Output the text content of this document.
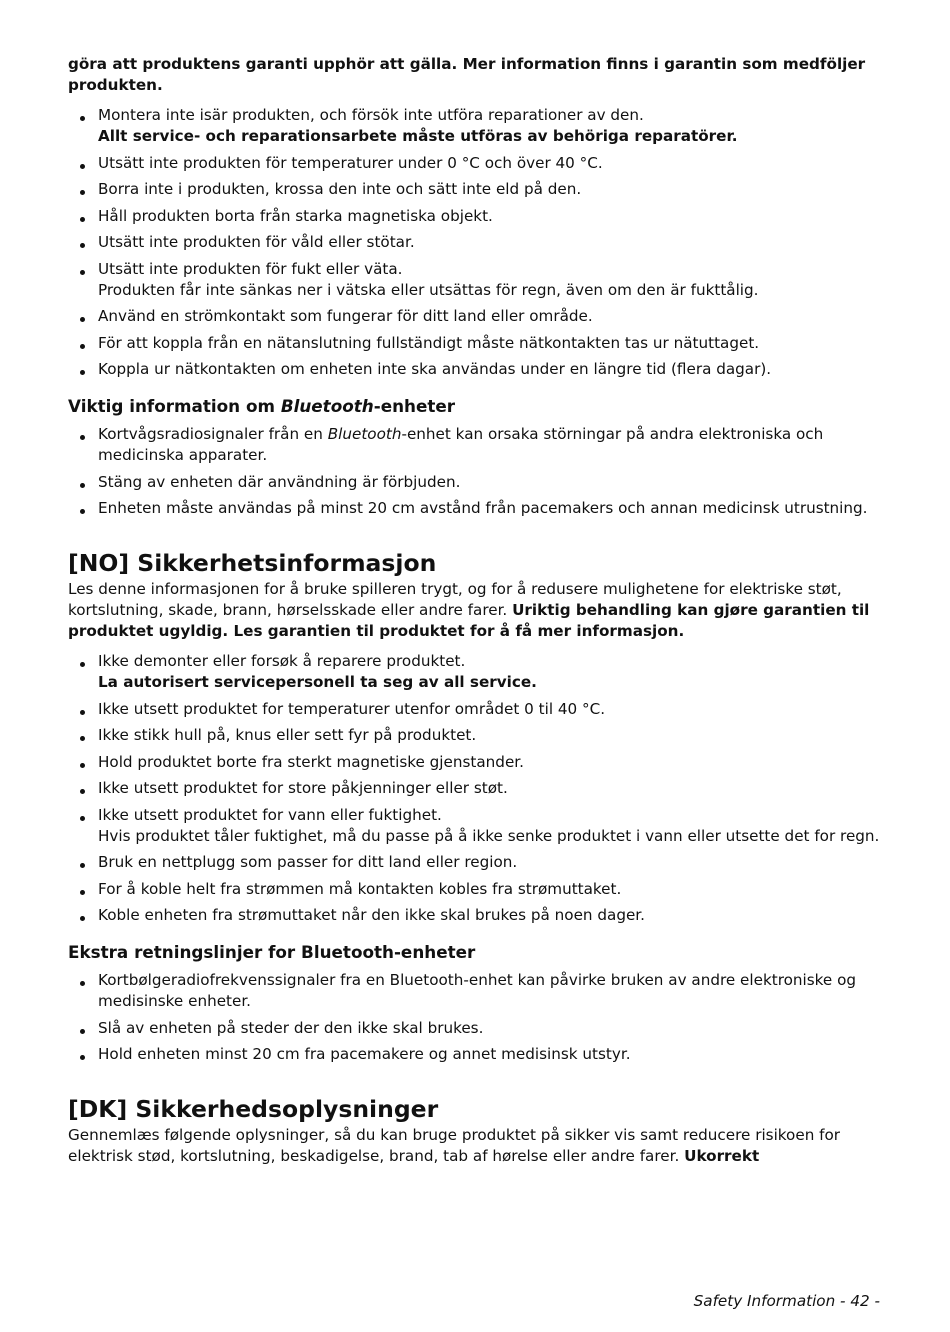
göra att produktens garanti upphör att gälla. Mer information finns i garantin som medföljer produkten.

Montera inte isär produkten, och försök inte utföra reparationer av den.
Allt service- och reparationsarbete måste utföras av behöriga reparatörer.
Utsätt inte produkten för temperaturer under 0 °C och över 40 °C.
Borra inte i produkten, krossa den inte och sätt inte eld på den.
Håll produkten borta från starka magnetiska objekt.
Utsätt inte produkten för våld eller stötar.
Utsätt inte produkten för fukt eller väta.
Produkten får inte sänkas ner i vätska eller utsättas för regn, även om den är fukttålig.
Använd en strömkontakt som fungerar för ditt land eller område.
För att koppla från en nätanslutning fullständigt måste nätkontakten tas ur nätuttaget.
Koppla ur nätkontakten om enheten inte ska användas under en längre tid (flera dagar).
Viktig information om Bluetooth-enheter
Kortvågsradiosignaler från en Bluetooth-enhet kan orsaka störningar på andra elektroniska och medicinska apparater.
Stäng av enheten där användning är förbjuden.
Enheten måste användas på minst 20 cm avstånd från pacemakers och annan medicinsk utrustning.
[NO] Sikkerhetsinformasjon

Les denne informasjonen for å bruke spilleren trygt, og for å redusere mulighetene for elektriske støt, kortslutning, skade, brann, hørselsskade eller andre farer. Uriktig behandling kan gjøre garantien til produktet ugyldig. Les garantien til produktet for å få mer informasjon.

Ikke demonter eller forsøk å reparere produktet.
La autorisert servicepersonell ta seg av all service.
Ikke utsett produktet for temperaturer utenfor området 0 til 40 °C.
Ikke stikk hull på, knus eller sett fyr på produktet.
Hold produktet borte fra sterkt magnetiske gjenstander.
Ikke utsett produktet for store påkjenninger eller støt.
Ikke utsett produktet for vann eller fuktighet.
Hvis produktet tåler fuktighet, må du passe på å ikke senke produktet i vann eller utsette det for regn.
Bruk en nettplugg som passer for ditt land eller region.
For å koble helt fra strømmen må kontakten kobles fra strømuttaket.
Koble enheten fra strømuttaket når den ikke skal brukes på noen dager.
Ekstra retningslinjer for Bluetooth-enheter
Kortbølgeradiofrekvenssignaler fra en Bluetooth-enhet kan påvirke bruken av andre elektroniske og medisinske enheter.
Slå av enheten på steder der den ikke skal brukes.
Hold enheten minst 20 cm fra pacemakere og annet medisinsk utstyr.
[DK] Sikkerhedsoplysninger

Gennemlæs følgende oplysninger, så du kan bruge produktet på sikker vis samt reducere risikoen for elektrisk stød, kortslutning, beskadigelse, brand, tab af hørelse eller andre farer. Ukorrekt

Safety Information - 42 -
